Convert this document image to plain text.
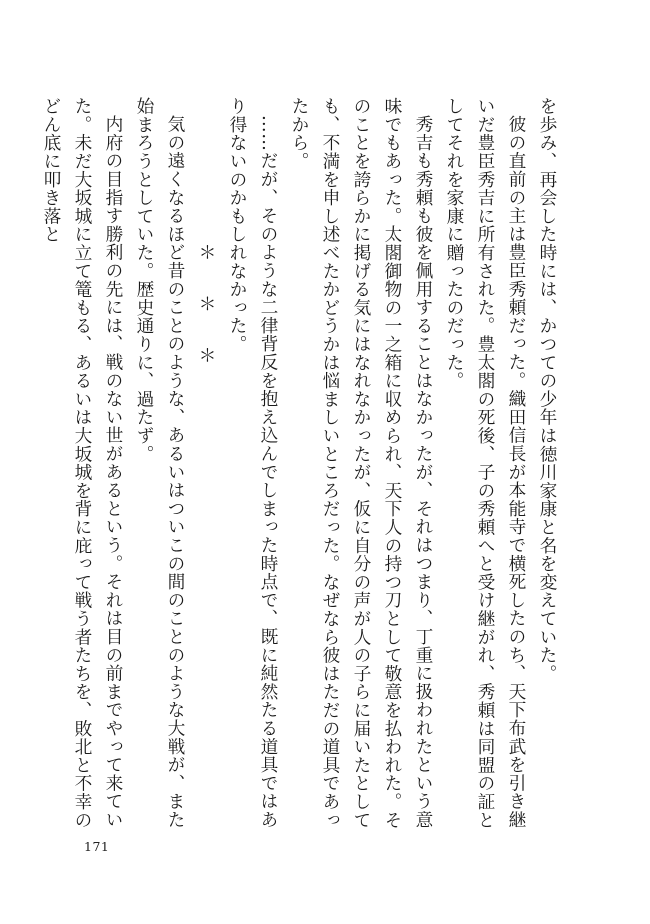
を歩み、再会した時には、かつての少年は徳川家康と名を変えていた。

彼の直前の主は豊臣秀頼だった。織田信長が本能寺で横死したのち、天下布武を引き継いだ豊臣秀吉に所有された。豊太閤の死後、子の秀頼へと受け継がれ、秀頼は同盟の証としてそれを家康に贈ったのだった。

秀吉も秀頼も彼を佩用することはなかったが、それはつまり、丁重に扱われたという意味でもあった。太閤御物の一之箱に収められ、天下人の持つ刀として敬意を払われた。そのことを誇らかに掲げる気にはなれなかったが、仮に自分の声が人の子らに届いたとしても、不満を申し述べたかどうかは悩ましいところだった。なぜなら彼はただの道具であったから。

……だが、そのような二律背反を抱え込んでしまった時点で、既に純然たる道具ではあり得ないのかもしれなかった。

＊　＊　＊

気の遠くなるほど昔のことのような、あるいはついこの間のことのような大戦が、また始まろうとしていた。歴史通りに、過たず。

内府の目指す勝利の先には、戦のない世があるという。それは目の前までやって来ていた。未だ大坂城に立て篭もる、あるいは大坂城を背に庇って戦う者たちを、敗北と不幸のどん底に叩き落と

171
